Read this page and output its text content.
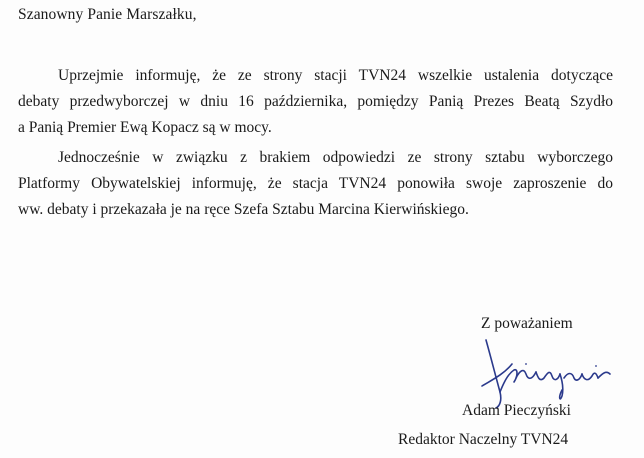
Szanowny Panie Marszałku,
Uprzejmie informuję, że ze strony stacji TVN24 wszelkie ustalenia dotyczące
debaty przedwyborczej w dniu 16 października, pomiędzy Panią Prezes Beatą Szydło
a Panią Premier Ewą Kopacz są w mocy.
Jednocześnie w związku z brakiem odpowiedzi ze strony sztabu wyborczego
Platformy Obywatelskiej informuję, że stacja TVN24 ponowiła swoje zaproszenie do
ww. debaty i przekazała je na ręce Szefa Sztabu Marcina Kierwińskiego.
Z poważaniem
Adam Pieczyński
Redaktor Naczelny TVN24
